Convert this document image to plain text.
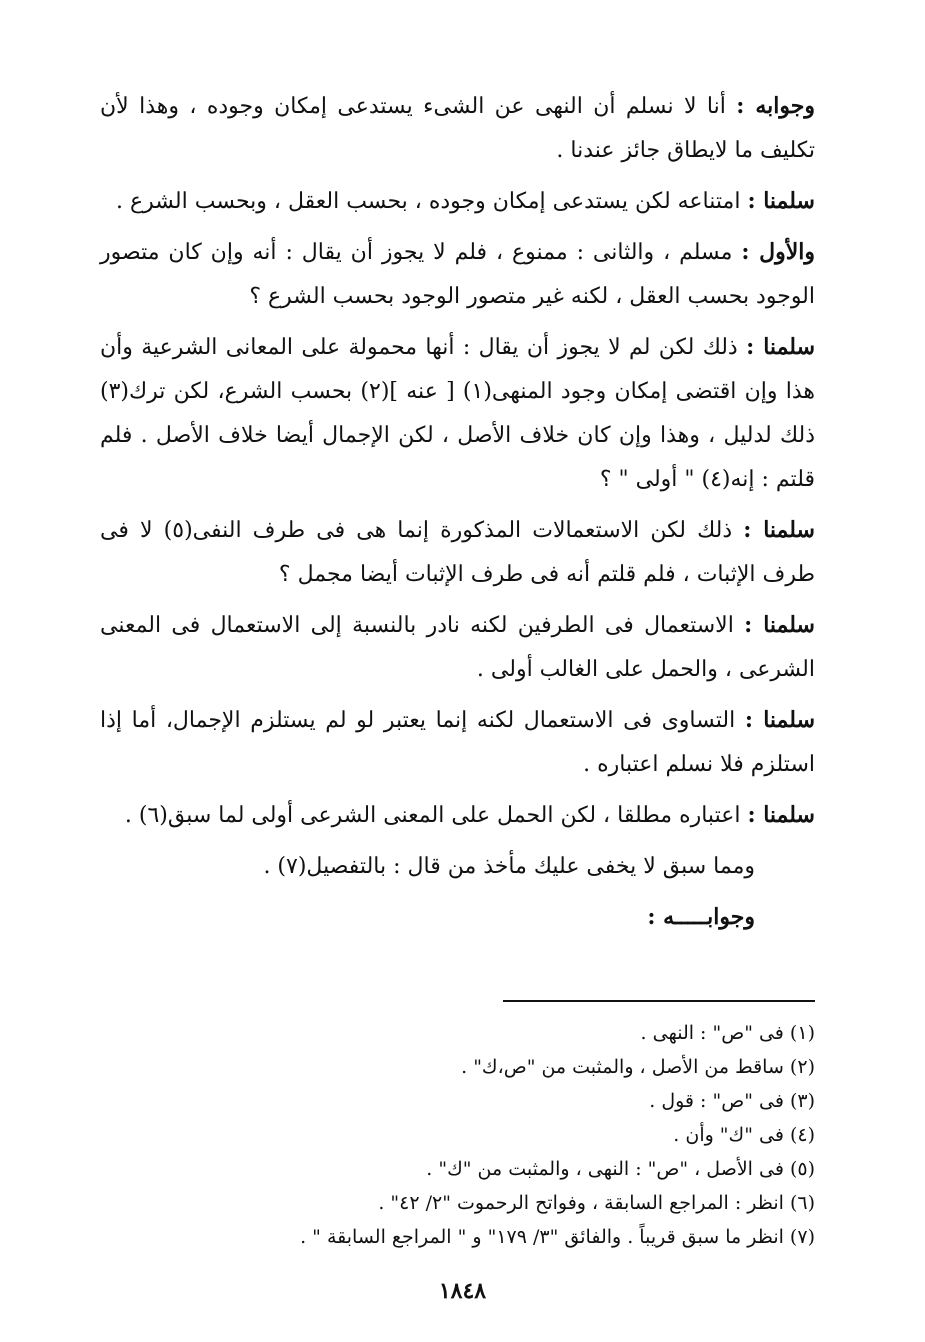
وجوابه : أنا لا نسلم أن النهى عن الشىء يستدعى إمكان وجوده ، وهذا لأن تكليف ما لايطاق جائز عندنا .

سلمنا : امتناعه لكن يستدعى إمكان وجوده ، بحسب العقل ، وبحسب الشرع .

والأول : مسلم ، والثانى : ممنوع ، فلم لا يجوز أن يقال : أنه وإن كان متصور الوجود بحسب العقل ، لكنه غير متصور الوجود بحسب الشرع ؟

سلمنا : ذلك لكن لم لا يجوز أن يقال : أنها محمولة على المعانى الشرعية وأن هذا وإن اقتضى إمكان وجود المنهى(١) [ عنه ](٢) بحسب الشرع، لكن ترك(٣) ذلك لدليل ، وهذا وإن كان خلاف الأصل ، لكن الإجمال أيضا خلاف الأصل . فلم قلتم : إنه(٤) " أولى " ؟

سلمنا : ذلك لكن الاستعمالات المذكورة إنما هى فى طرف النفى(٥) لا فى طرف الإثبات ، فلم قلتم أنه فى طرف الإثبات أيضا مجمل ؟

سلمنا : الاستعمال فى الطرفين لكنه نادر بالنسبة إلى الاستعمال فى المعنى الشرعى ، والحمل على الغالب أولى .

سلمنا : التساوى فى الاستعمال لكنه إنما يعتبر لو لم يستلزم الإجمال، أما إذا استلزم فلا نسلم اعتباره .

سلمنا : اعتباره مطلقا ، لكن الحمل على المعنى الشرعى أولى لما سبق(٦) .

ومما سبق لا يخفى عليك مأخذ من قال : بالتفصيل(٧) .

وجوابـــــه :

(١) فى "ص" : النهى .

(٢) ساقط من الأصل ، والمثبت من "ص،ك" .

(٣) فى "ص" : قول .

(٤) فى "ك" وأن .

(٥) فى الأصل ، "ص" : النهى ، والمثبت من "ك" .

(٦) انظر : المراجع السابقة ، وفواتح الرحموت "٢/ ٤٢" .

(٧) انظر ما سبق قريباً . والفائق "٣/ ١٧٩" و " المراجع السابقة " .

١٨٤٨
